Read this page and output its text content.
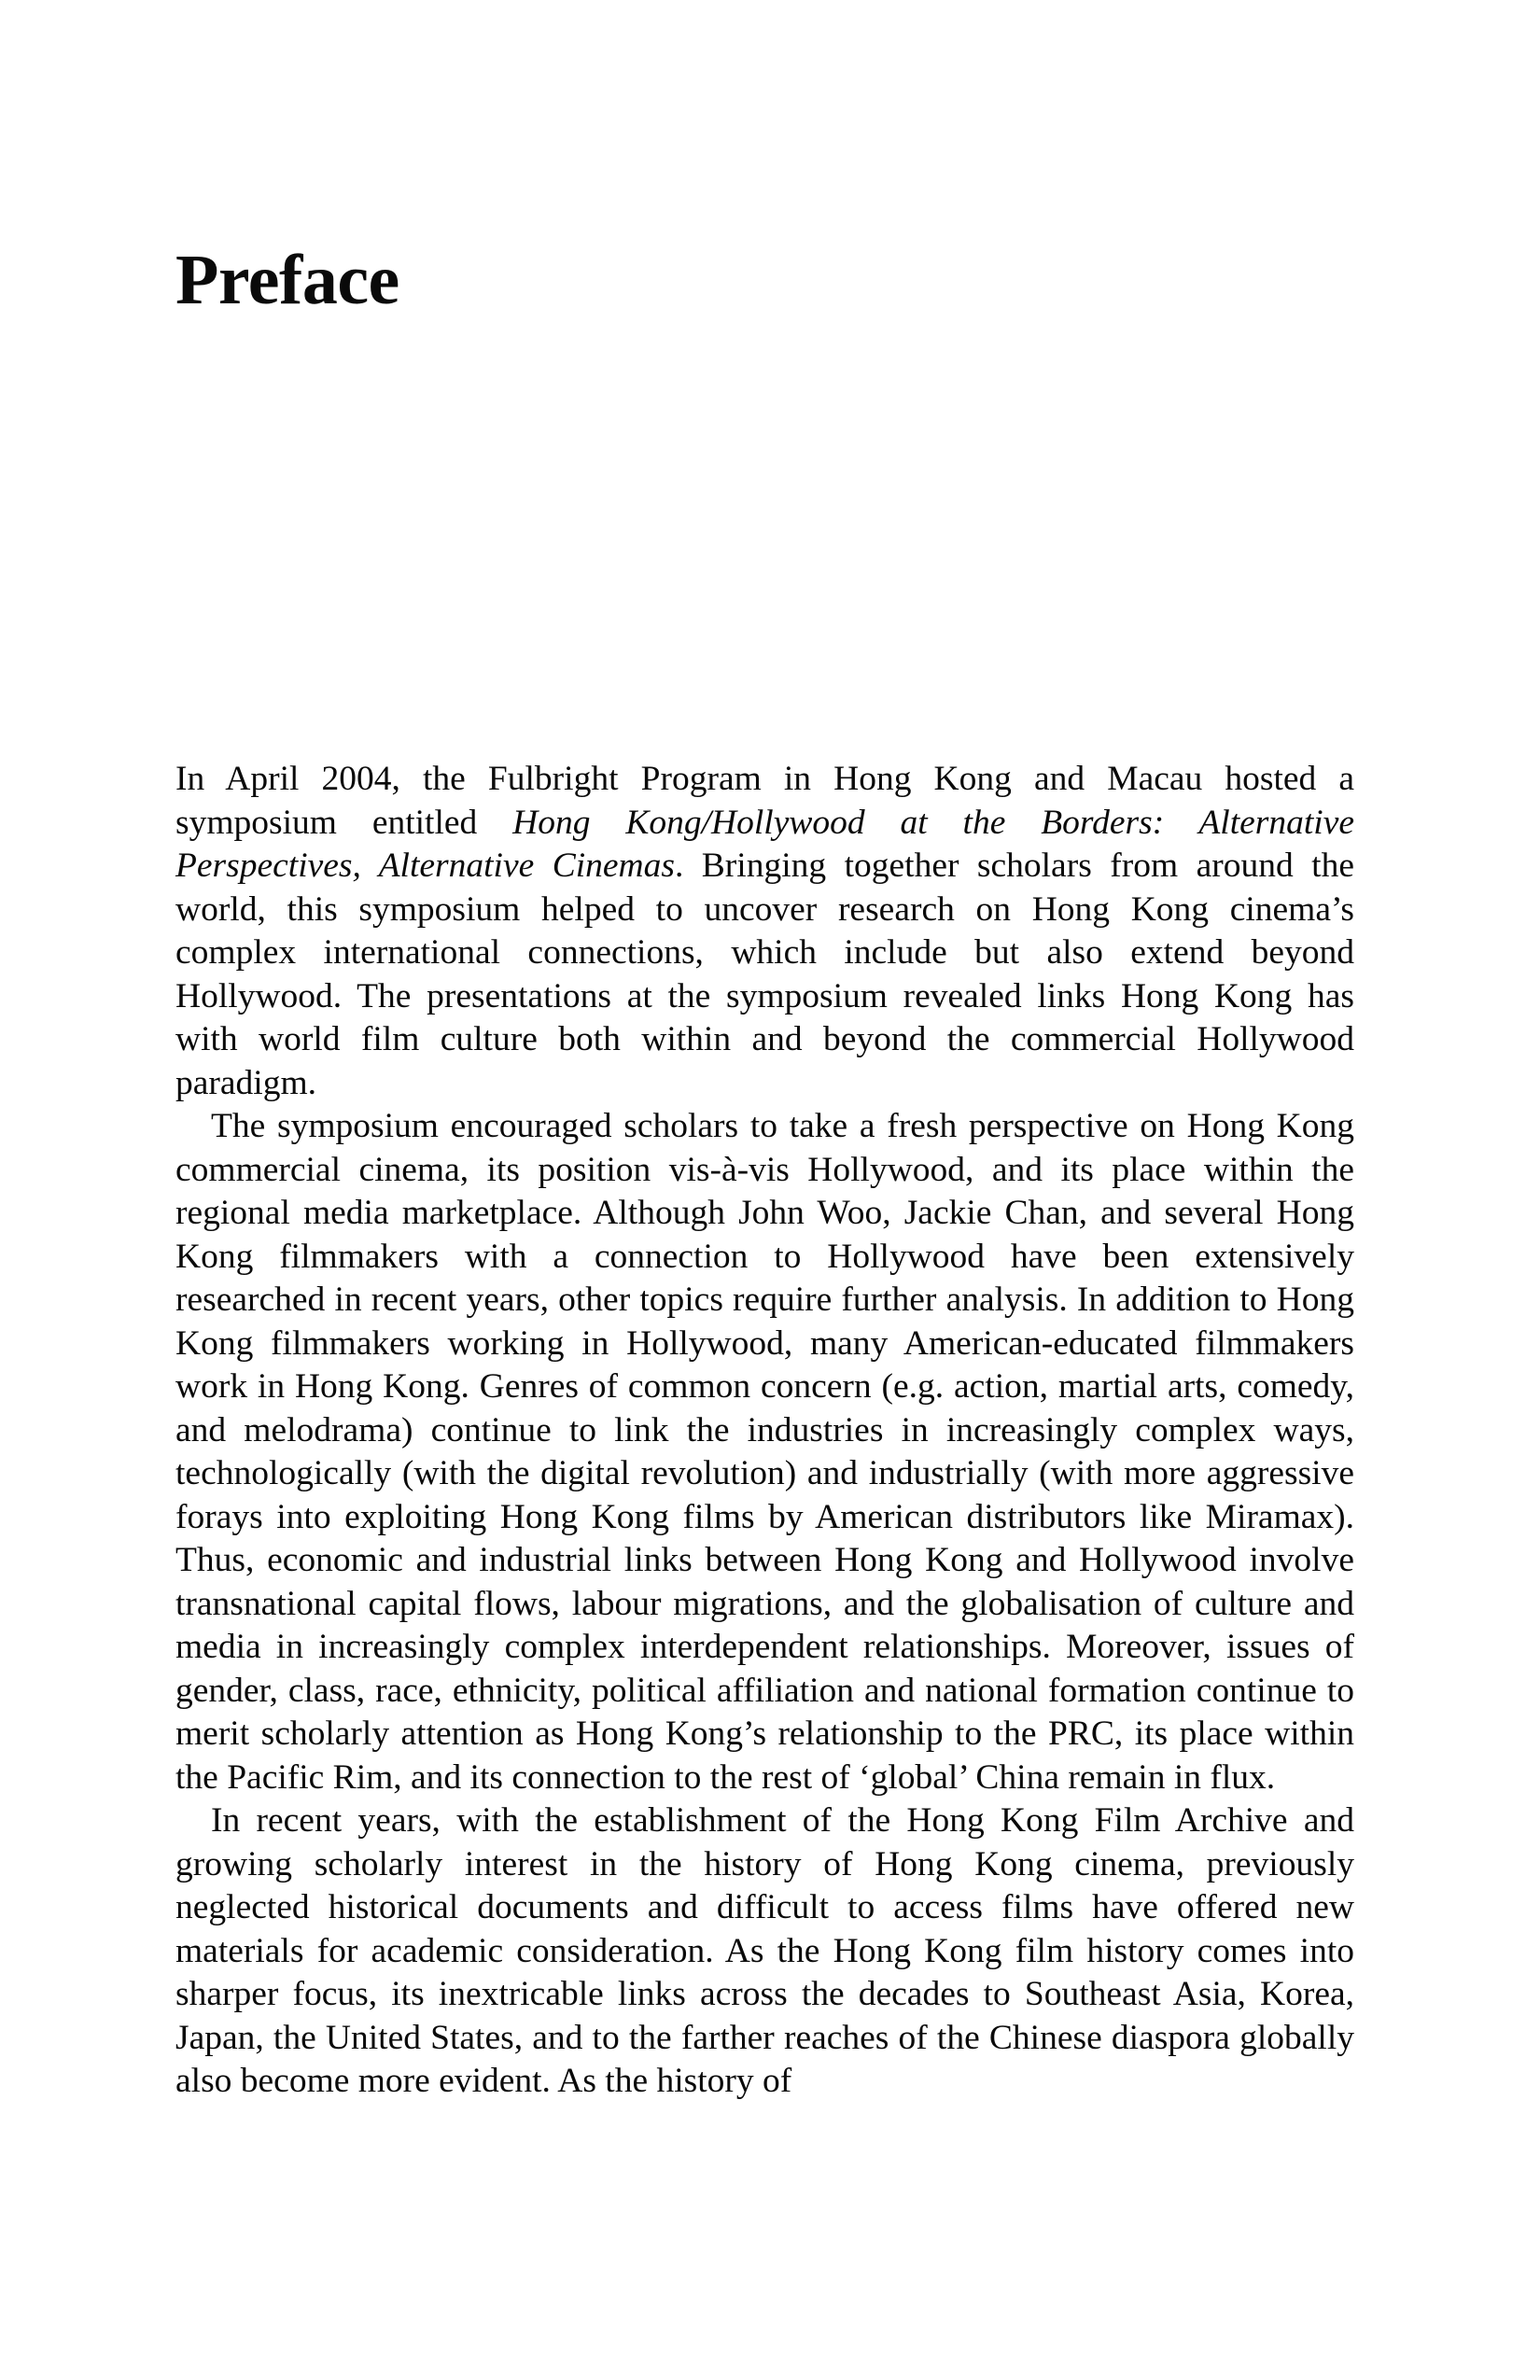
Preface

In April 2004, the Fulbright Program in Hong Kong and Macau hosted a symposium entitled Hong Kong/Hollywood at the Borders: Alternative Perspectives, Alternative Cinemas. Bringing together scholars from around the world, this symposium helped to uncover research on Hong Kong cinema’s complex international connections, which include but also extend beyond Hollywood. The presentations at the symposium revealed links Hong Kong has with world film culture both within and beyond the commercial Hollywood paradigm.

The symposium encouraged scholars to take a fresh perspective on Hong Kong commercial cinema, its position vis-à-vis Hollywood, and its place within the regional media marketplace. Although John Woo, Jackie Chan, and several Hong Kong filmmakers with a connection to Hollywood have been extensively researched in recent years, other topics require further analysis. In addition to Hong Kong filmmakers working in Hollywood, many American-educated filmmakers work in Hong Kong. Genres of common concern (e.g. action, martial arts, comedy, and melodrama) continue to link the industries in increasingly complex ways, technologically (with the digital revolution) and industrially (with more aggressive forays into exploiting Hong Kong films by American distributors like Miramax). Thus, economic and industrial links between Hong Kong and Hollywood involve transnational capital flows, labour migrations, and the globalisation of culture and media in increasingly complex interdependent relationships. Moreover, issues of gender, class, race, ethnicity, political affiliation and national formation continue to merit scholarly attention as Hong Kong’s relationship to the PRC, its place within the Pacific Rim, and its connection to the rest of ‘global’ China remain in flux.

In recent years, with the establishment of the Hong Kong Film Archive and growing scholarly interest in the history of Hong Kong cinema, previously neglected historical documents and difficult to access films have offered new materials for academic consideration. As the Hong Kong film history comes into sharper focus, its inextricable links across the decades to Southeast Asia, Korea, Japan, the United States, and to the farther reaches of the Chinese diaspora globally also become more evident. As the history of
